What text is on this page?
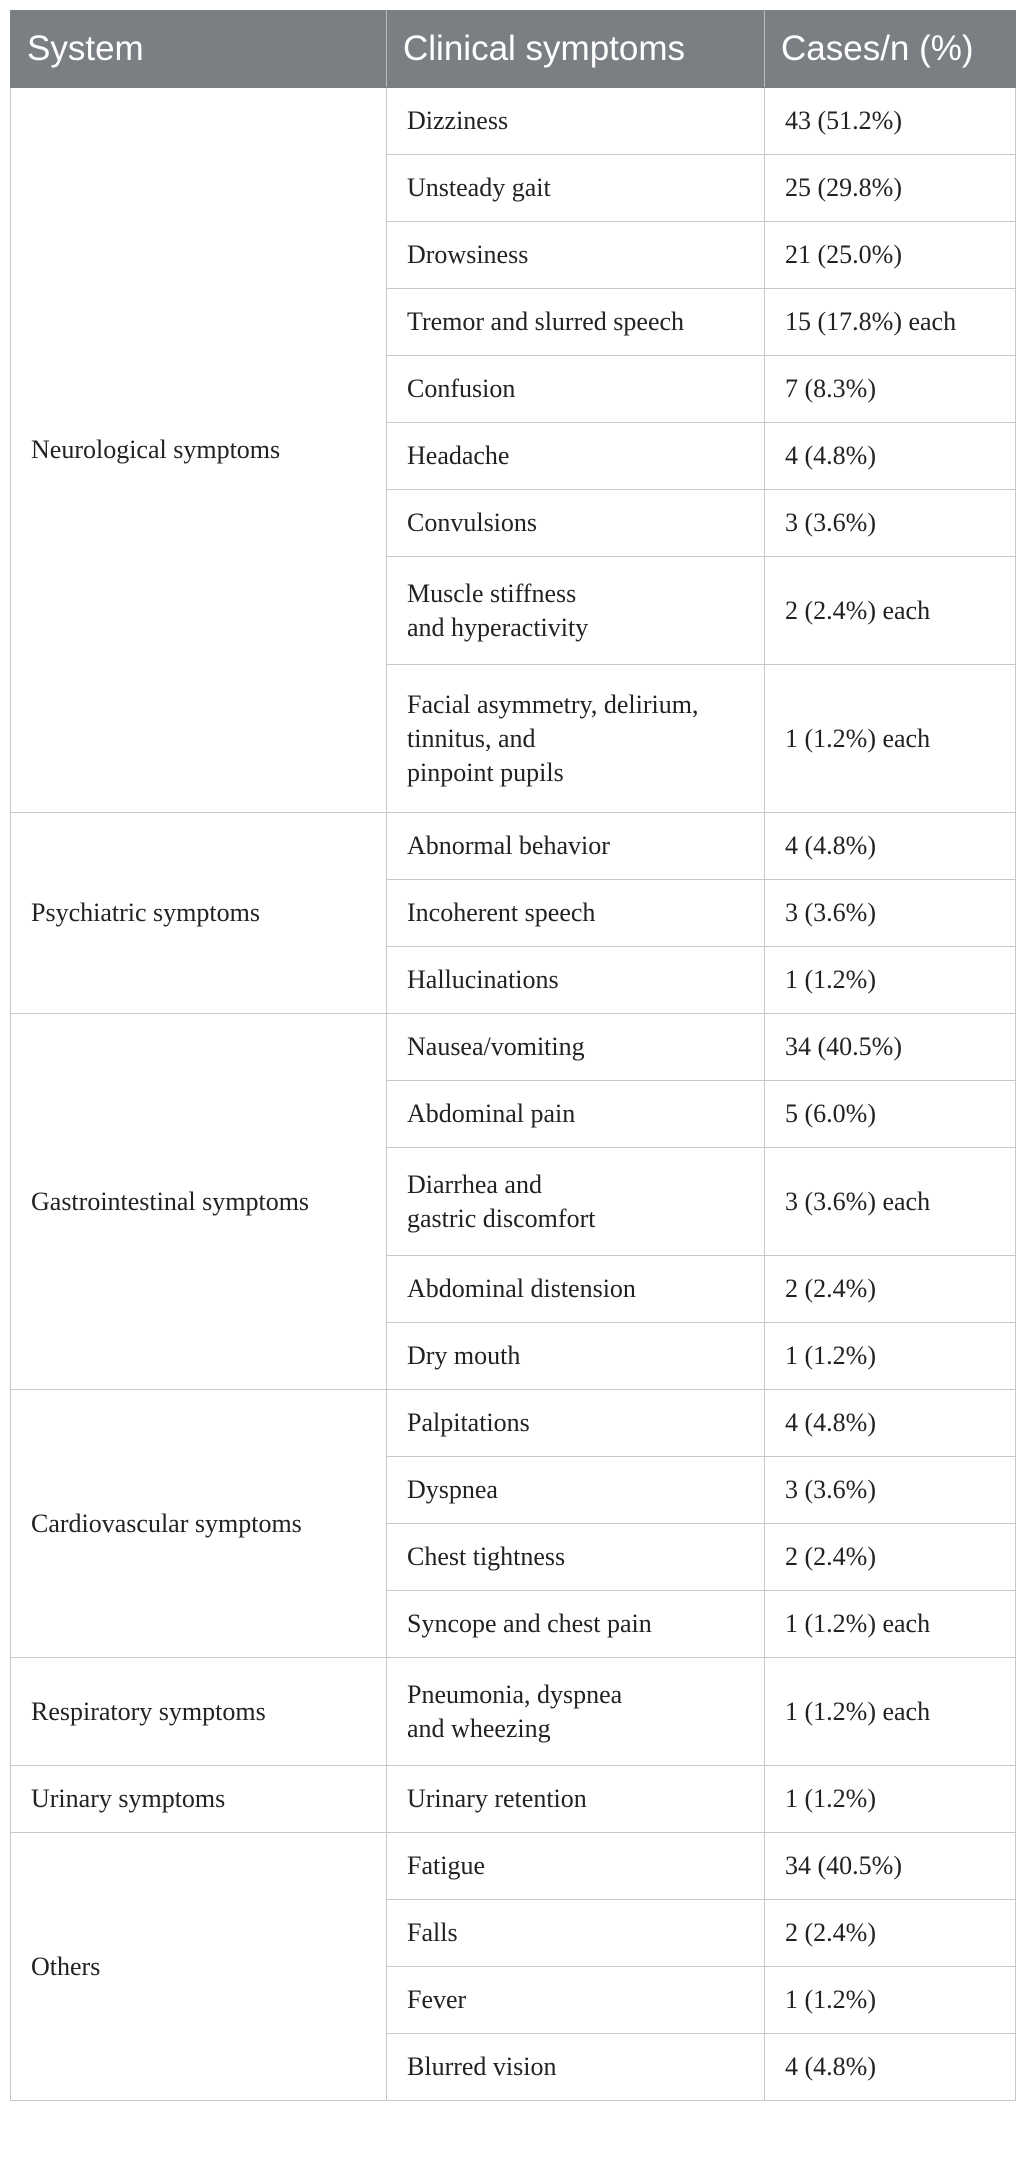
System	Clinical symptoms	Cases/n (%)
Neurological symptoms	Dizziness	43 (51.2%)
	Unsteady gait	25 (29.8%)
	Drowsiness	21 (25.0%)
	Tremor and slurred speech	15 (17.8%) each
	Confusion	7 (8.3%)
	Headache	4 (4.8%)
	Convulsions	3 (3.6%)
	Muscle stiffness
and hyperactivity	2 (2.4%) each
	Facial asymmetry, delirium,
tinnitus, and
pinpoint pupils	1 (1.2%) each
Psychiatric symptoms	Abnormal behavior	4 (4.8%)
	Incoherent speech	3 (3.6%)
	Hallucinations	1 (1.2%)
Gastrointestinal symptoms	Nausea/vomiting	34 (40.5%)
	Abdominal pain	5 (6.0%)
	Diarrhea and
gastric discomfort	3 (3.6%) each
	Abdominal distension	2 (2.4%)
	Dry mouth	1 (1.2%)
Cardiovascular symptoms	Palpitations	4 (4.8%)
	Dyspnea	3 (3.6%)
	Chest tightness	2 (2.4%)
	Syncope and chest pain	1 (1.2%) each
Respiratory symptoms	Pneumonia, dyspnea
and wheezing	1 (1.2%) each
Urinary symptoms	Urinary retention	1 (1.2%)
Others	Fatigue	34 (40.5%)
	Falls	2 (2.4%)
	Fever	1 (1.2%)
	Blurred vision	4 (4.8%)
